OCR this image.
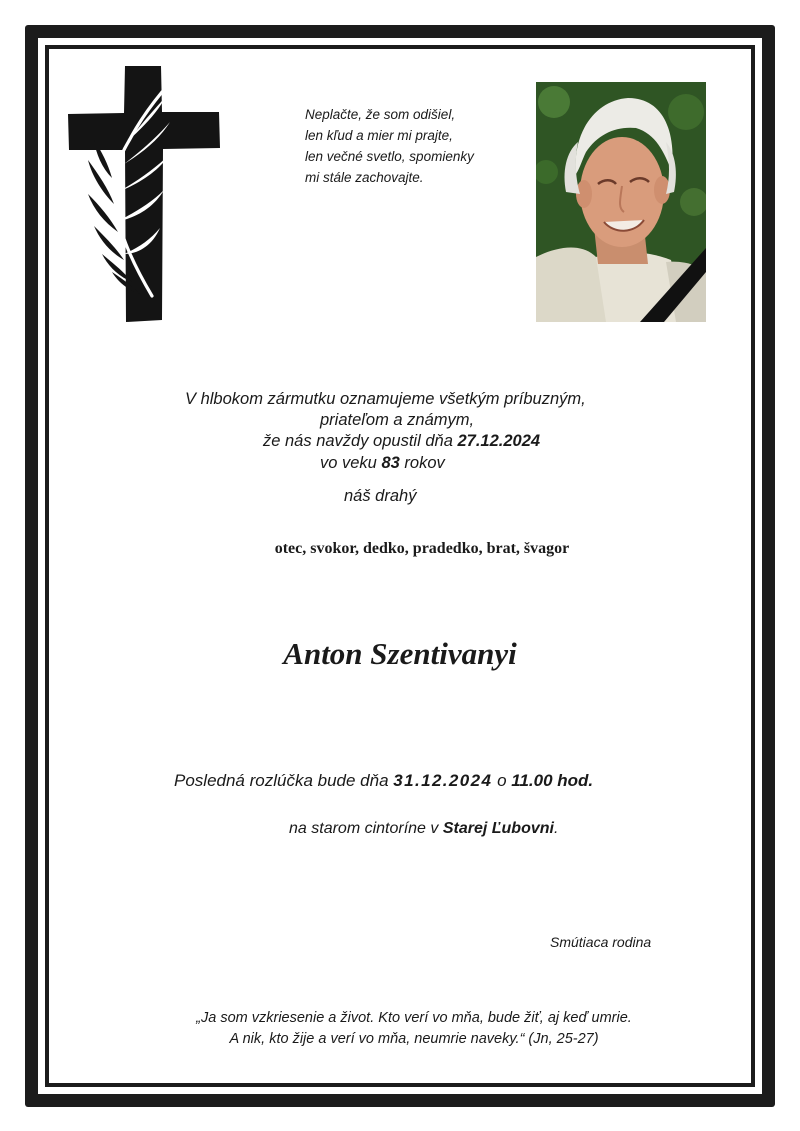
Neplačte, že som odišiel,
len kľud a mier mi prajte,
len večné svetlo, spomienky
mi stále zachovajte.
V hlbokom zármutku oznamujeme všetkým príbuzným,
priateľom a známym,
že nás navždy opustil dňa 27.12.2024
vo veku 83 rokov
náš drahý
otec, svokor, dedko, pradedko, brat, švagor
Anton Szentivanyi
Posledná rozlúčka bude dňa 31.12.2024 o 11.00 hod.
na starom cintoríne v Starej Ľubovni.
Smútiaca rodina
„Ja som vzkriesenie a život. Kto verí vo mňa, bude žiť, aj keď umrie.
A nik, kto žije a verí vo mňa, neumrie naveky.“ (Jn, 25-27)
